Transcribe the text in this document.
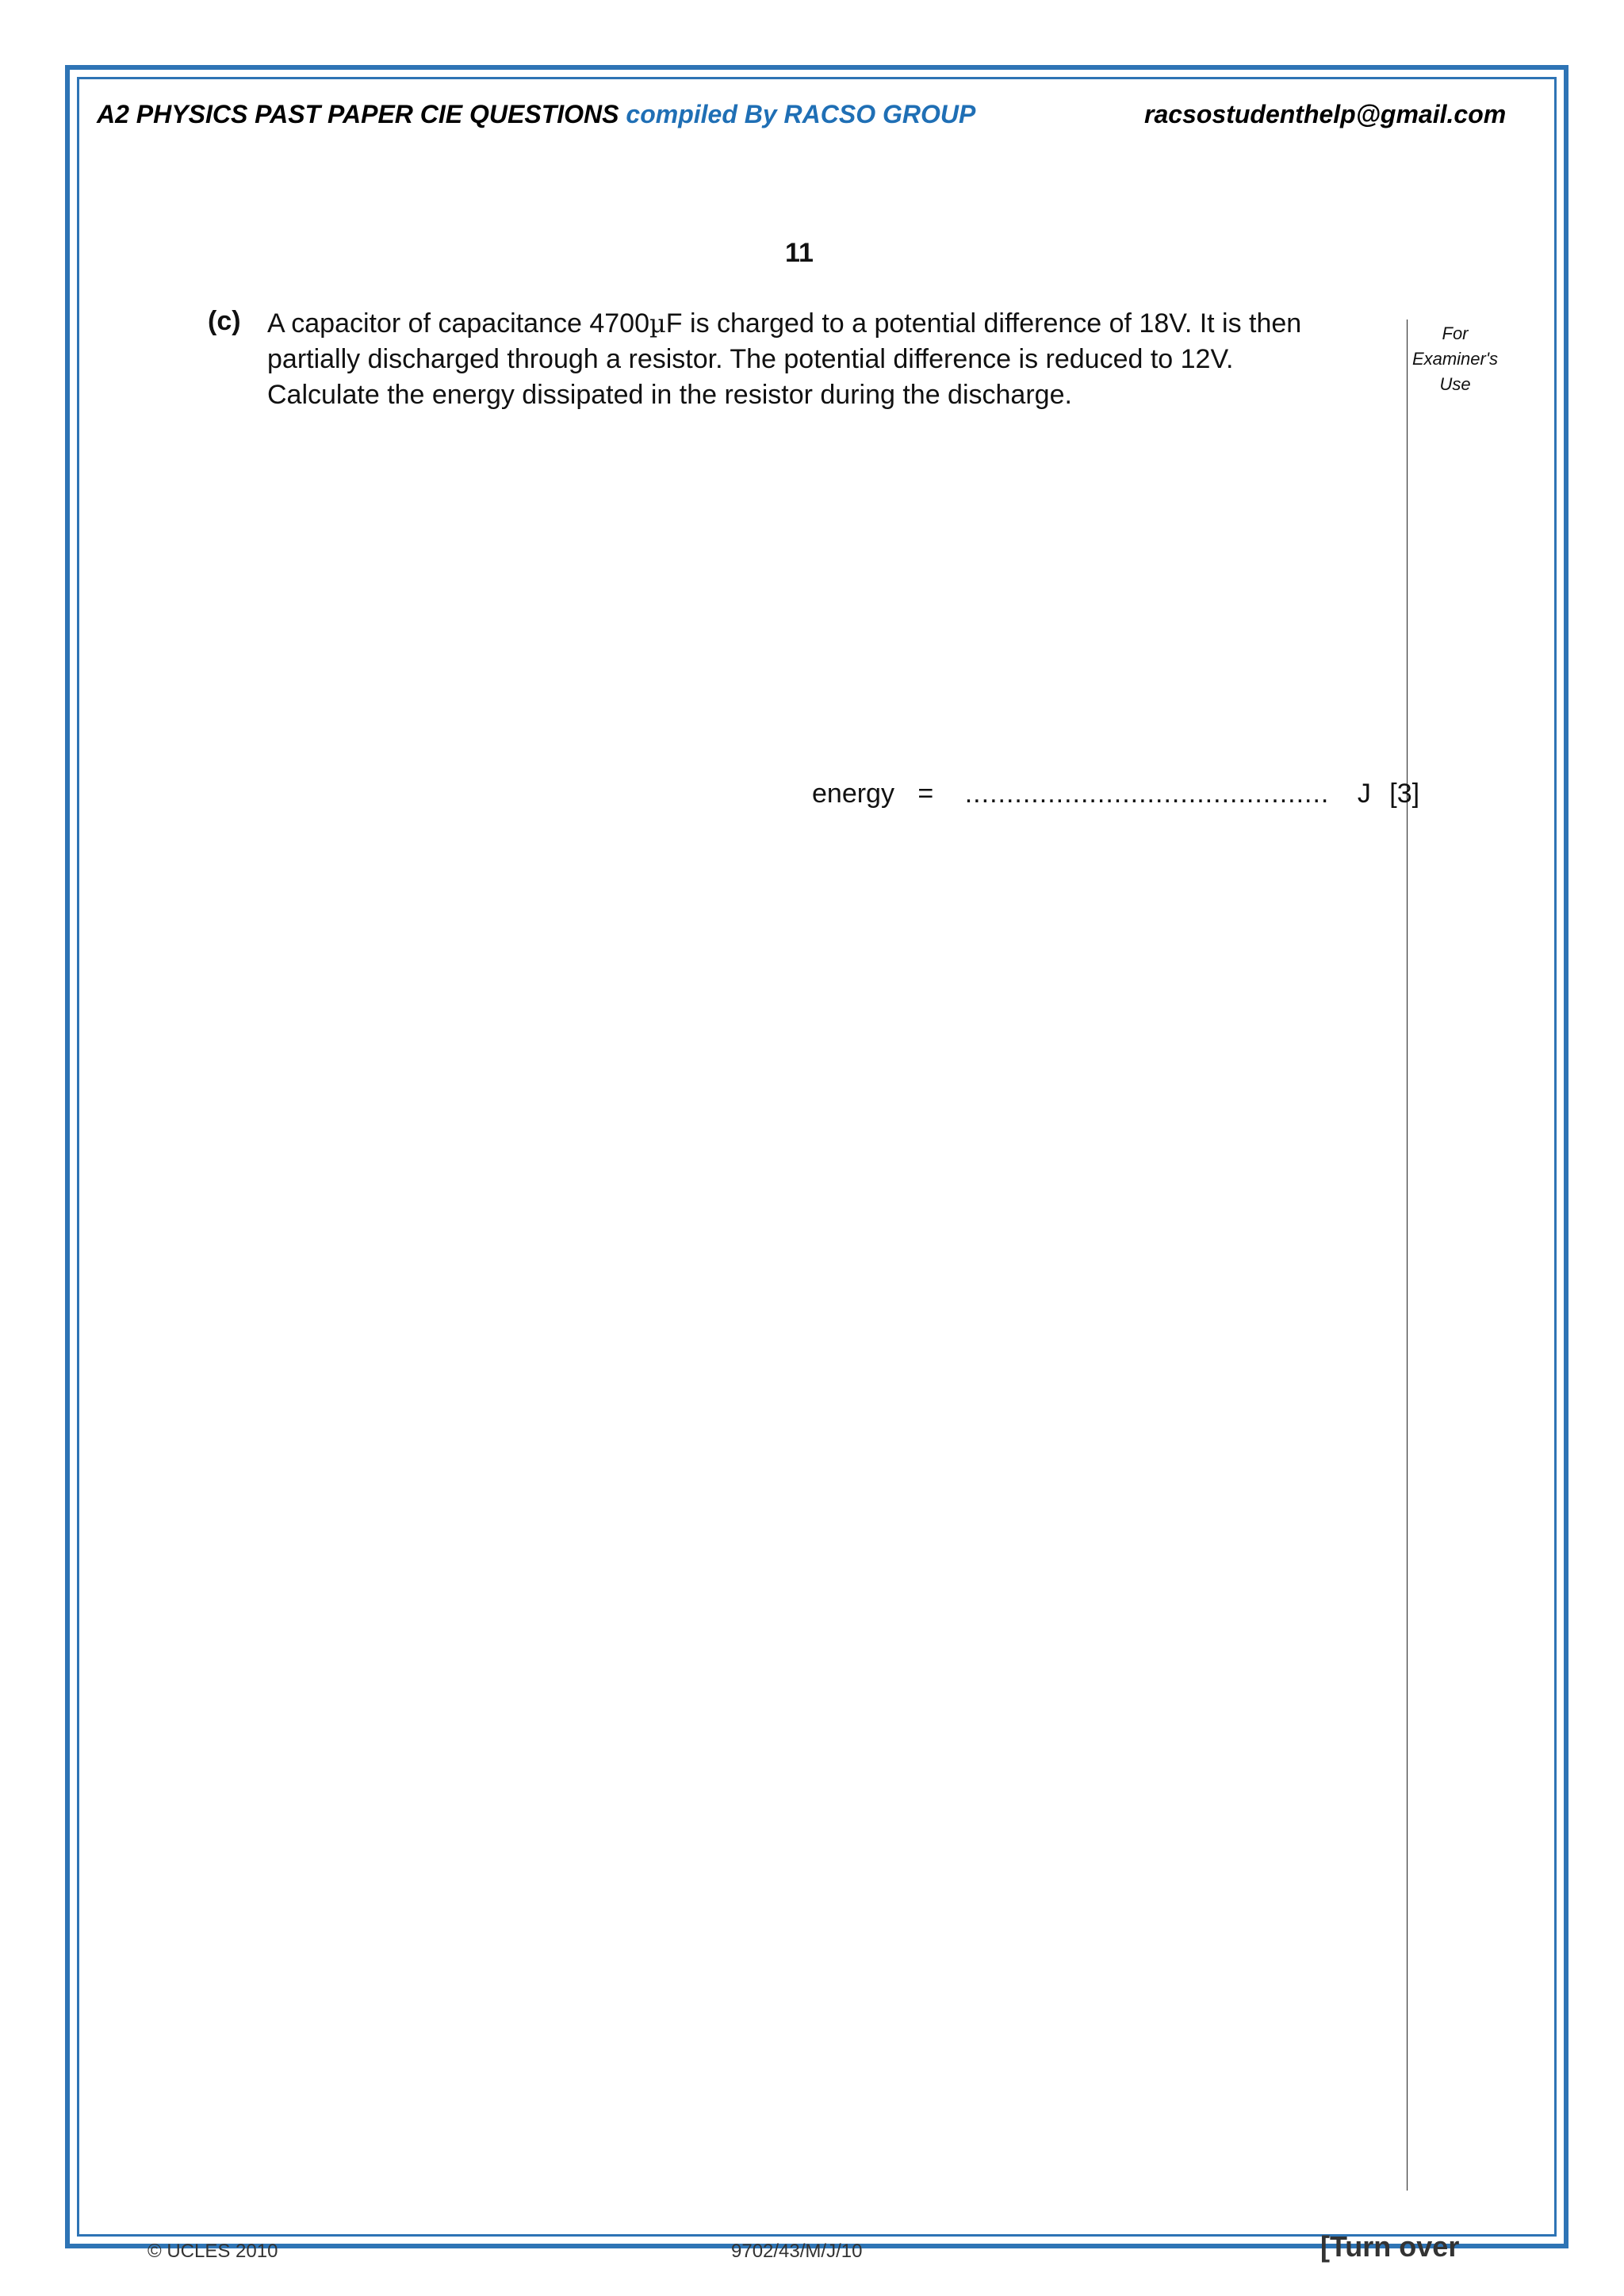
A2 PHYSICS PAST PAPER CIE QUESTIONS compiled By RACSO GROUP	racsostudenthelp@gmail.com
11
(c) A capacitor of capacitance 4700µF is charged to a potential difference of 18V. It is then

partially discharged through a resistor. The potential difference is reduced to 12V.

Calculate the energy dissipated in the resistor during the discharge.

For
Examiner's
Use
energy = ............................................ J [3]
© UCLES 2010	9702/43/M/J/10	[Turn over
